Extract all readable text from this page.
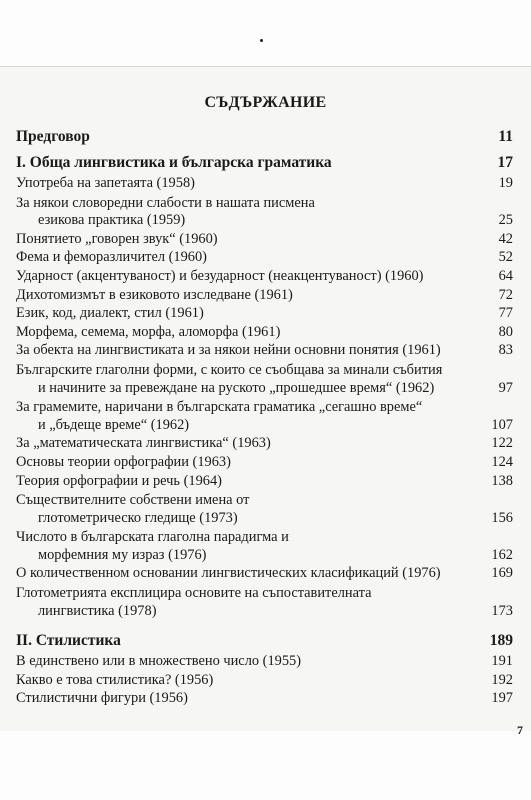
СЪДЪРЖАНИЕ
Предговор	11
I. Обща лингвистика и българска граматика	17
Употреба на запетаята (1958)	19
За някои словоредни слабости в нашата писмена
езикова практика (1959)	25
Понятието „говорен звук“ (1960)	42
Фема и фемоpазличител (1960)	52
Ударност (акцентуваност) и безударност (неакцентуваност) (1960)	64
Дихотомизмът в езиковото изследване (1961)	72
Език, код, диалект, стил (1961)	77
Морфема, семема, морфа, аломорфа (1961)	80
За обекта на лингвистиката и за някои нейни основни понятия (1961)	83
Българските глаголни форми, с които се съобщава за минали събития
и начините за превеждане на руското „прошедшее время“ (1962)	97
За грамемите, наричани в българската граматика „сегашно време“
и „бъдеще време“ (1962)	107
За „математическата лингвистика“ (1963)	122
Основы теории орфографии (1963)	124
Теория орфографии и речь (1964)	138
Съществителните собствени имена от
глотометрическо гледище (1973)	156
Числото в българската глаголна парадигма и
морфемния му израз (1976)	162
О количественном основании лингвистических класификаций (1976)	169
Глотометрията експлицира основите на съпоставителната
лингвистика (1978)	173
II. Стилистика	189
В единствено или в множествено число (1955)	191
Какво е това стилистика? (1956)	192
Стилистични фигури (1956)	197
7
